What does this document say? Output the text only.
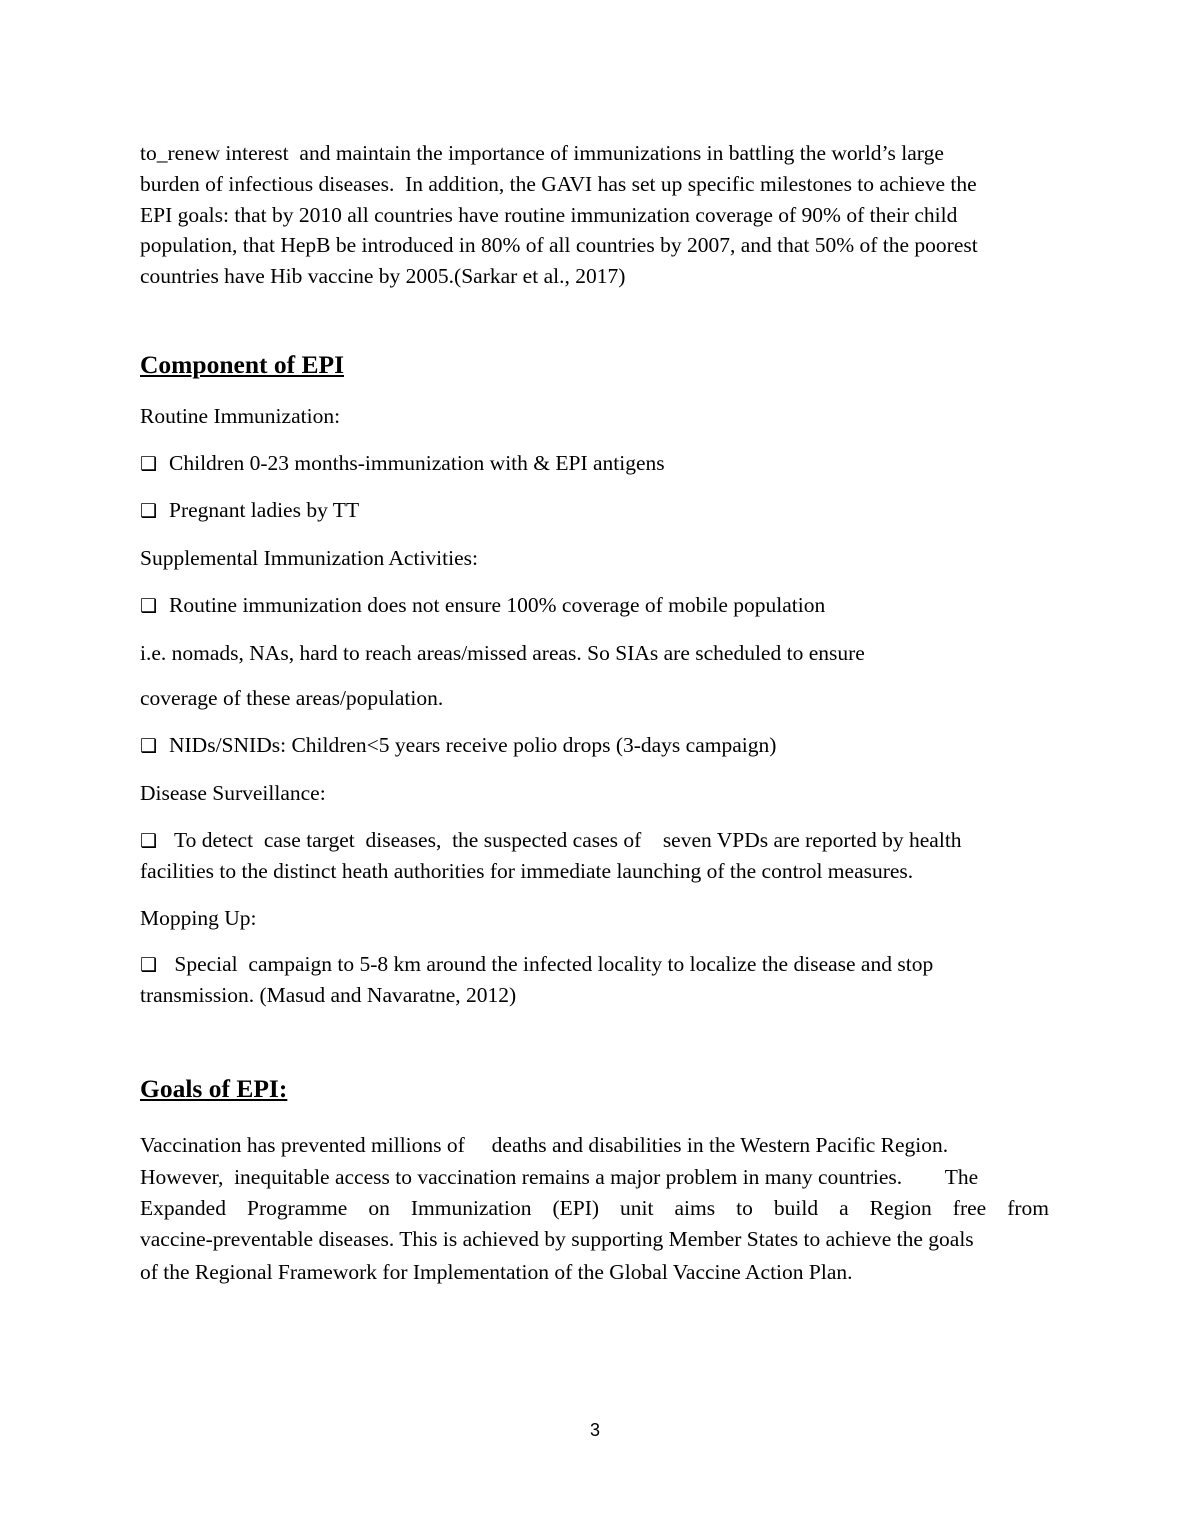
to_renew interest  and maintain the importance of immunizations in battling the world’s large

burden of infectious diseases.  In addition, the GAVI has set up specific milestones to achieve the

EPI goals: that by 2010 all countries have routine immunization coverage of 90% of their child

population, that HepB be introduced in 80% of all countries by 2007, and that 50% of the poorest

countries have Hib vaccine by 2005.(Sarkar et al., 2017)

Component of EPI

Routine Immunization:

❑ Children 0-23 months-immunization with & EPI antigens

❑ Pregnant ladies by TT

Supplemental Immunization Activities:

❑ Routine immunization does not ensure 100% coverage of mobile population

i.e. nomads, NAs, hard to reach areas/missed areas. So SIAs are scheduled to ensure

coverage of these areas/population.

❑ NIDs/SNIDs: Children<5 years receive polio drops (3-days campaign)

Disease Surveillance:

❑ To detect  case target  diseases,  the suspected cases of    seven VPDs are reported by health

facilities to the distinct heath authorities for immediate launching of the control measures.

Mopping Up:

❑ Special  campaign to 5-8 km around the infected locality to localize the disease and stop

transmission. (Masud and Navaratne, 2012)

Goals of EPI:

Vaccination has prevented millions of     deaths and disabilities in the Western Pacific Region.

However,  inequitable access to vaccination remains a major problem in many countries.        The

Expanded Programme on Immunization (EPI) unit aims to build a Region free from

vaccine-preventable diseases. This is achieved by supporting Member States to achieve the goals

of the Regional Framework for Implementation of the Global Vaccine Action Plan.

3
